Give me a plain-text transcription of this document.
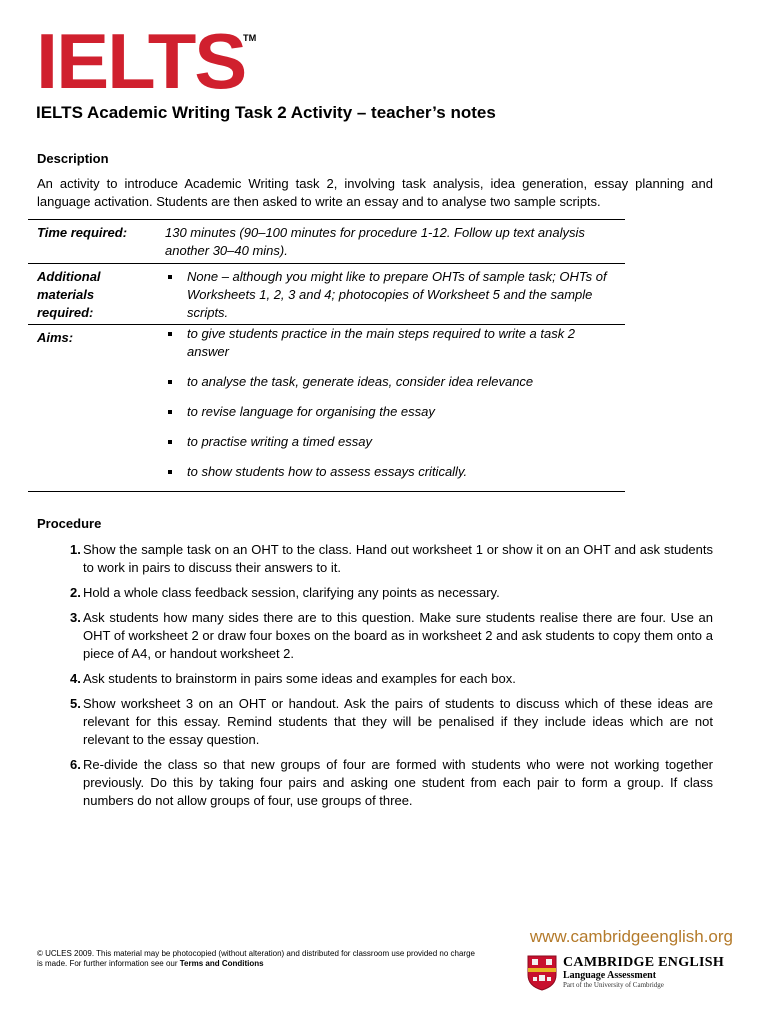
IELTS
TM
IELTS Academic Writing Task 2 Activity – teacher’s notes
Description
An activity to introduce Academic Writing task 2, involving task analysis, idea generation, essay planning and language activation. Students are then asked to write an essay and to analyse two sample scripts.
Time required:	130 minutes (90–100 minutes for procedure 1-12. Follow up text analysis another 30–40 mins).
Additional materials required:
None – although you might like to prepare OHTs of sample task; OHTs of Worksheets 1, 2, 3 and 4; photocopies of Worksheet 5 and the sample scripts.
Aims:	to give students practice in the main steps required to write a task 2 answer
to analyse the task, generate ideas, consider idea relevance
to revise language for organising the essay
to practise writing a timed essay
to show students how to assess essays critically.
Procedure
1. Show the sample task on an OHT to the class. Hand out worksheet 1 or show it on an OHT and ask students to work in pairs to discuss their answers to it.
2. Hold a whole class feedback session, clarifying any points as necessary.
3. Ask students how many sides there are to this question. Make sure students realise there are four. Use an OHT of worksheet 2 or draw four boxes on the board as in worksheet 2 and ask students to copy them onto a piece of A4, or handout worksheet 2.
4. Ask students to brainstorm in pairs some ideas and examples for each box.
5. Show worksheet 3 on an OHT or handout. Ask the pairs of students to discuss which of these ideas are relevant for this essay. Remind students that they will be penalised if they include ideas which are not relevant to the essay question.
6. Re-divide the class so that new groups of four are formed with students who were not working together previously. Do this by taking four pairs and asking one student from each pair to form a group. If class numbers do not allow groups of four, use groups of three.
© UCLES 2009. This material may be photocopied (without alteration) and distributed for classroom use provided no charge is made. For further information see our Terms and Conditions
www.cambridgeenglish.org
CAMBRIDGE ENGLISH
Language Assessment
Part of the University of Cambridge
